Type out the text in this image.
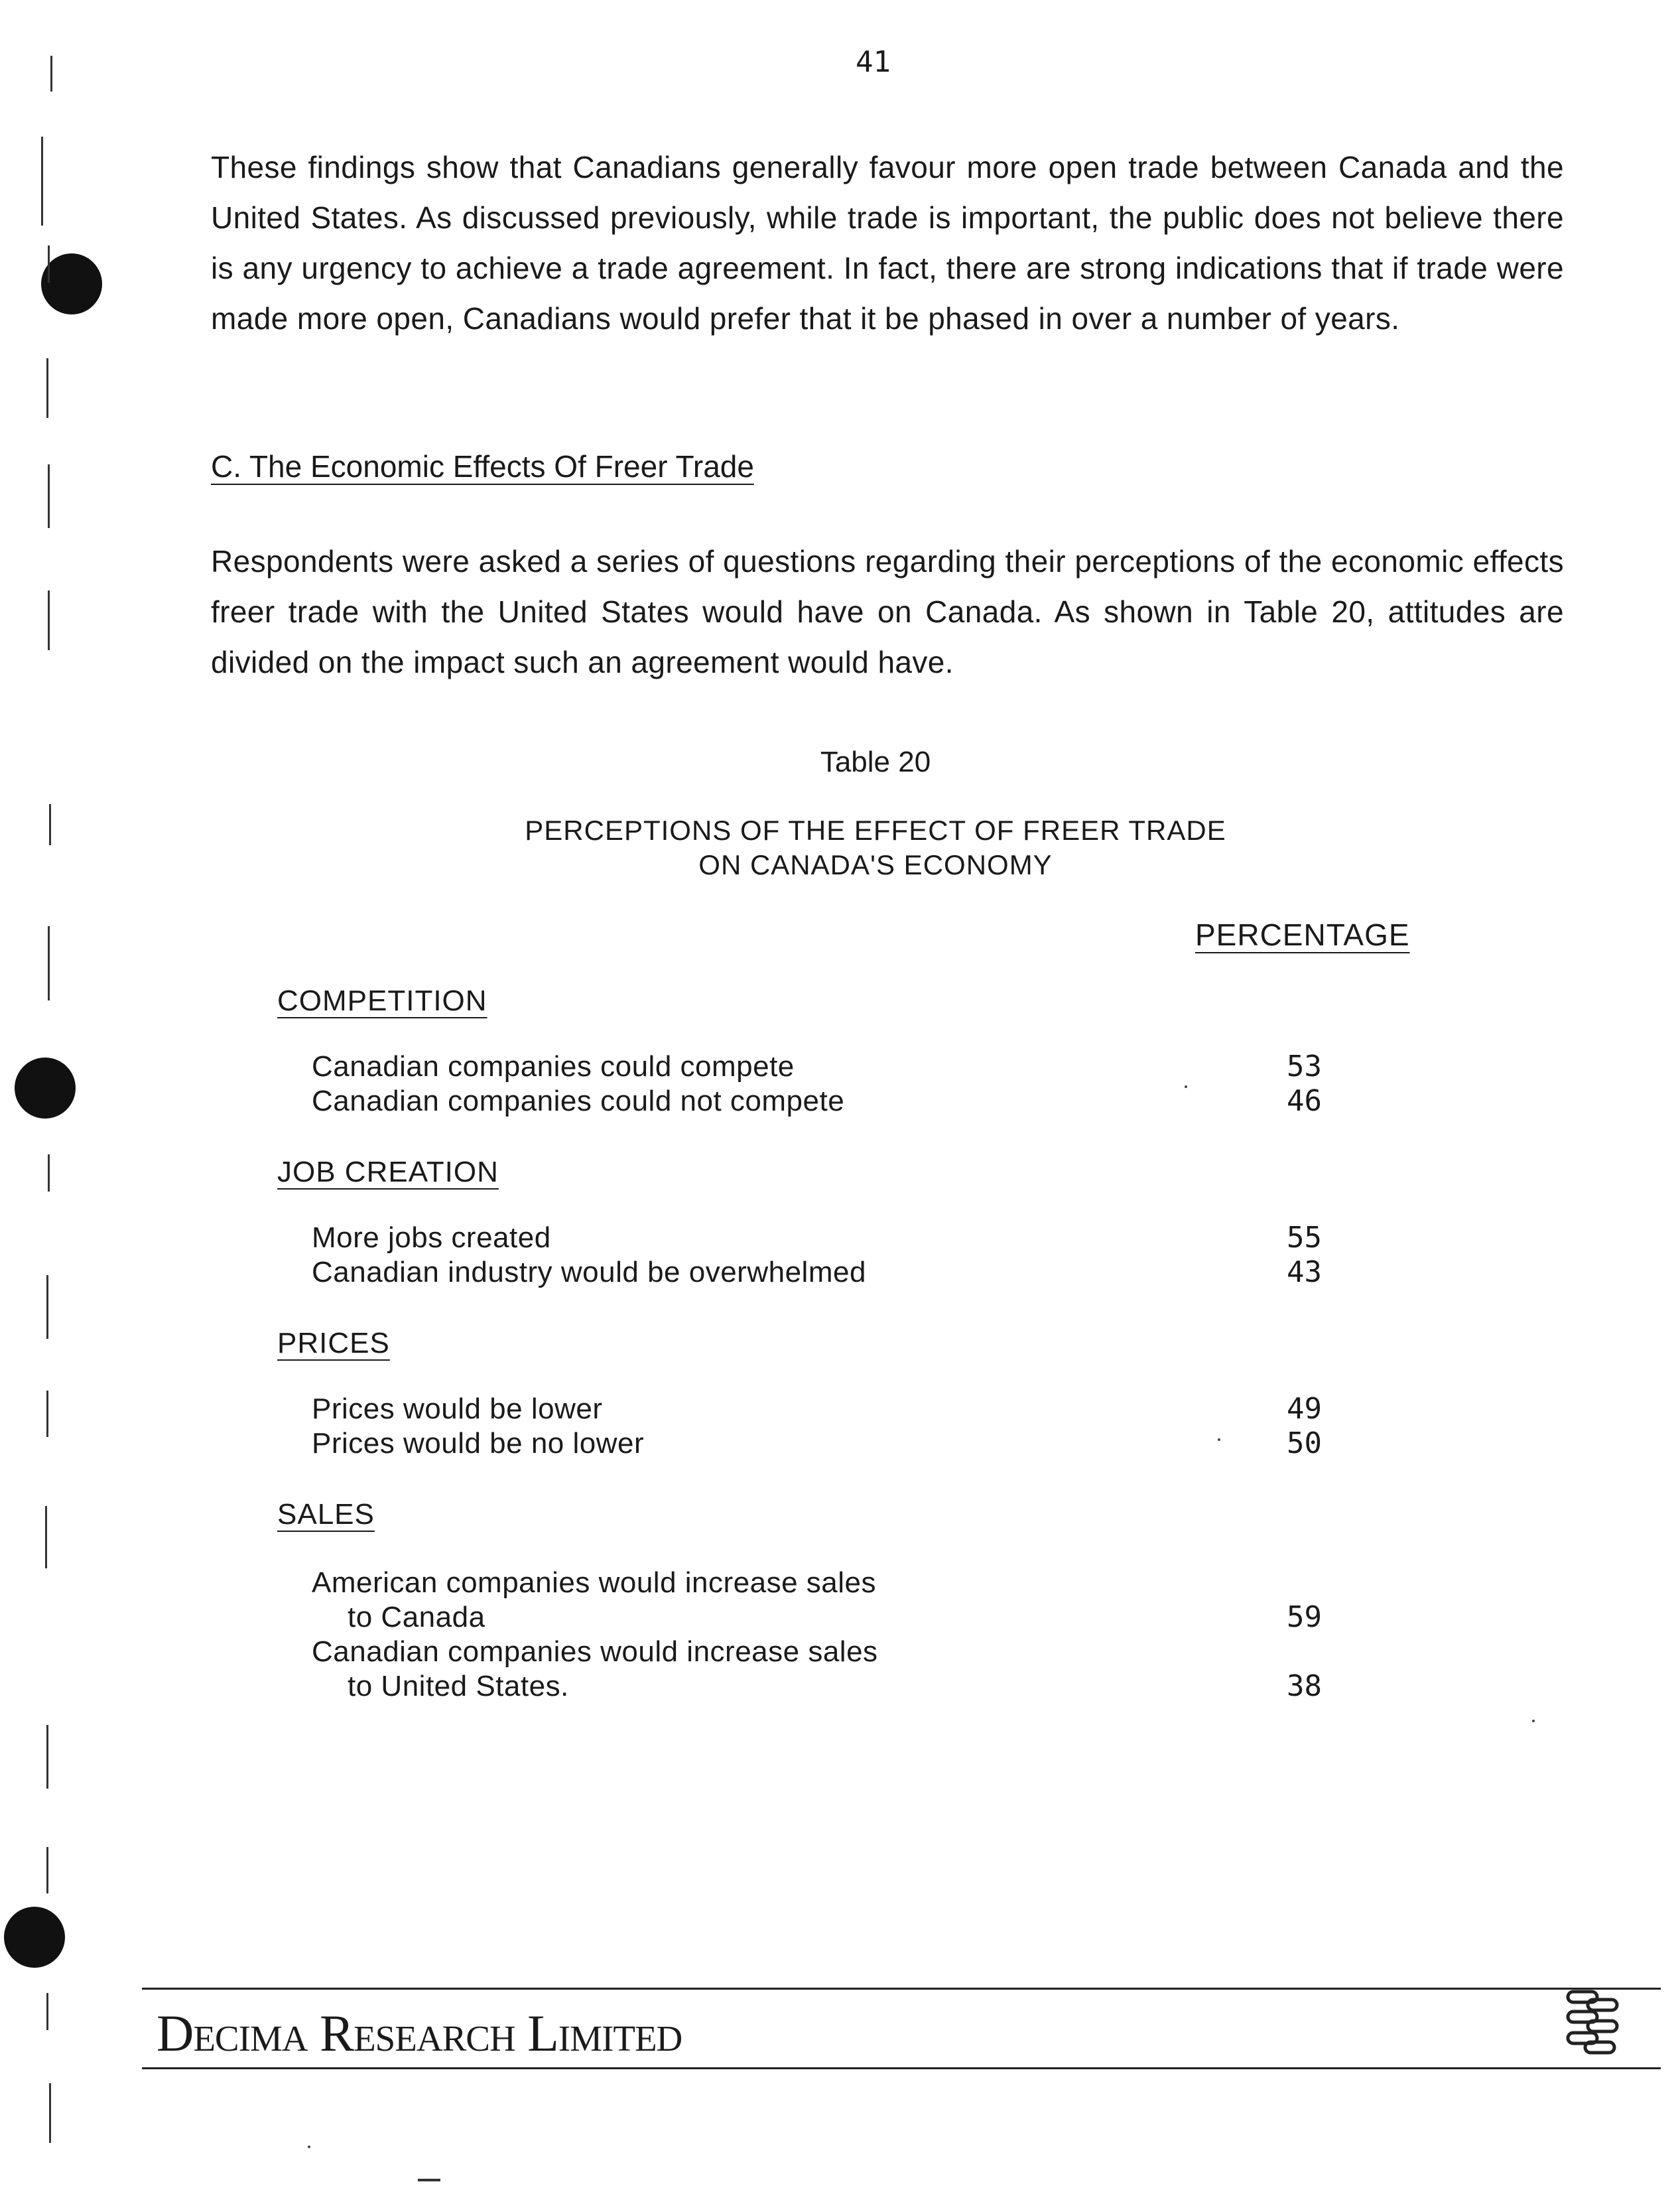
41
These findings show that Canadians generally favour more open trade between Canada and the United States. As discussed previously, while trade is important, the public does not believe there is any urgency to achieve a trade agreement. In fact, there are strong indications that if trade were made more open, Canadians would prefer that it be phased in over a number of years.
C. The Economic Effects Of Freer Trade
Respondents were asked a series of questions regarding their perceptions of the economic effects freer trade with the United States would have on Canada. As shown in Table 20, attitudes are divided on the impact such an agreement would have.
Table 20
PERCEPTIONS OF THE EFFECT OF FREER TRADE
ON CANADA'S ECONOMY
PERCENTAGE
COMPETITION
Canadian companies could compete	53
Canadian companies could not compete	46
JOB CREATION
More jobs created	55
Canadian industry would be overwhelmed	43
PRICES
Prices would be lower	49
Prices would be no lower	50
SALES
American companies would increase sales
to Canada	59
Canadian companies would increase sales
to United States.	38
Decima Research Limited
